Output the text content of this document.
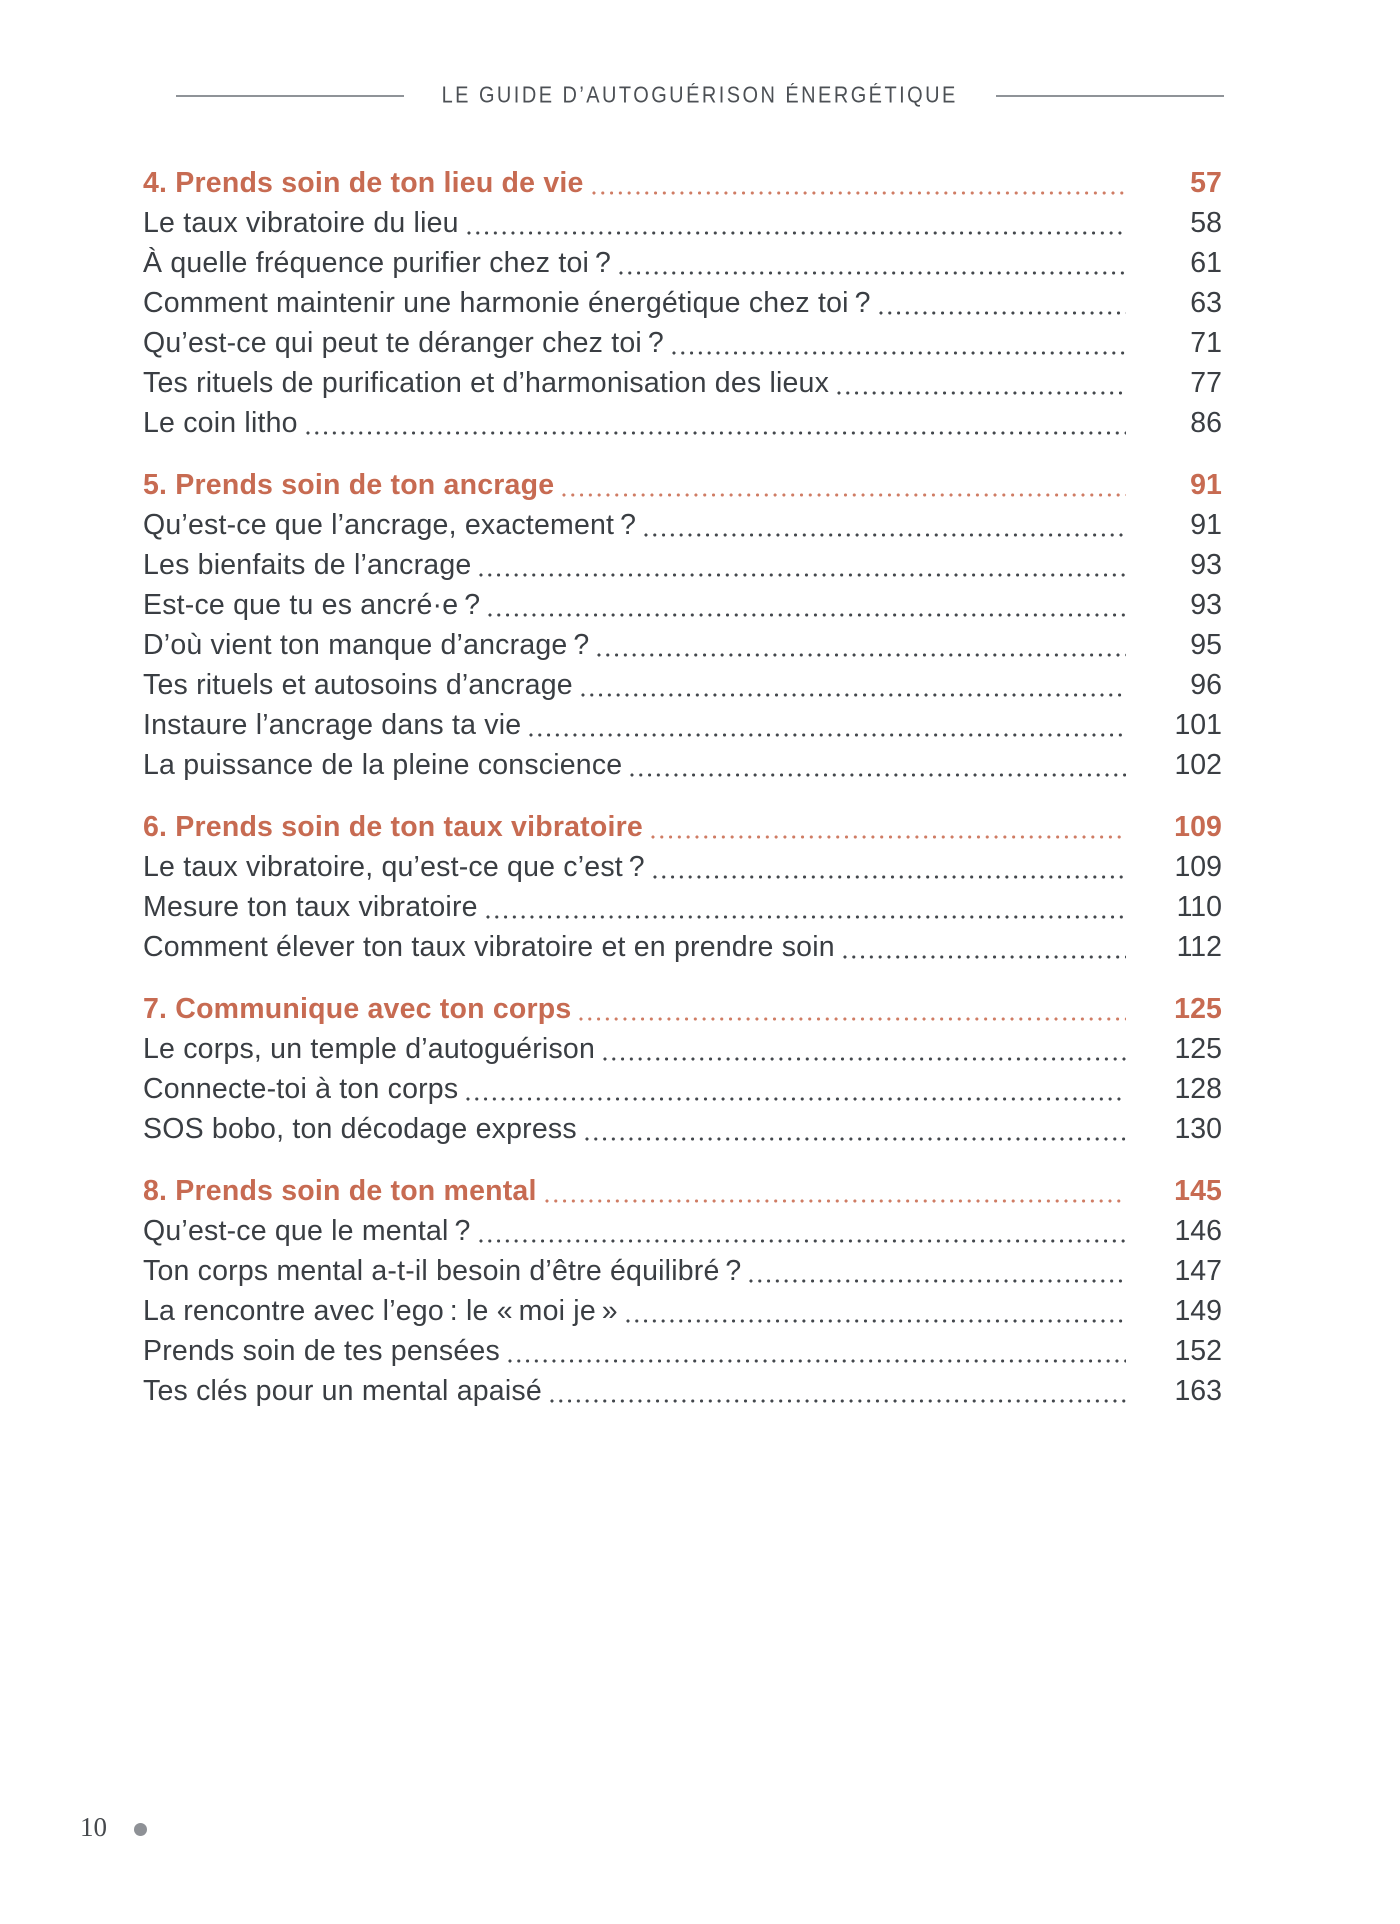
LE GUIDE D’AUTOGUÉRISON ÉNERGÉTIQUE
4. Prends soin de ton lieu de vie	57
Le taux vibratoire du lieu	58
À quelle fréquence purifier chez toi ?	61
Comment maintenir une harmonie énergétique chez toi ?	63
Qu’est-ce qui peut te déranger chez toi ?	71
Tes rituels de purification et d’harmonisation des lieux	77
Le coin litho	86
5. Prends soin de ton ancrage	91
Qu’est-ce que l’ancrage, exactement ?	91
Les bienfaits de l’ancrage	93
Est-ce que tu es ancré·e ?	93
D’où vient ton manque d’ancrage ?	95
Tes rituels et autosoins d’ancrage	96
Instaure l’ancrage dans ta vie	101
La puissance de la pleine conscience	102
6. Prends soin de ton taux vibratoire	109
Le taux vibratoire, qu’est-ce que c’est ?	109
Mesure ton taux vibratoire	110
Comment élever ton taux vibratoire et en prendre soin	112
7. Communique avec ton corps	125
Le corps, un temple d’autoguérison	125
Connecte-toi à ton corps	128
SOS bobo, ton décodage express	130
8. Prends soin de ton mental	145
Qu’est-ce que le mental ?	146
Ton corps mental a-t-il besoin d’être équilibré ?	147
La rencontre avec l’ego : le « moi je »	149
Prends soin de tes pensées	152
Tes clés pour un mental apaisé	163
10
